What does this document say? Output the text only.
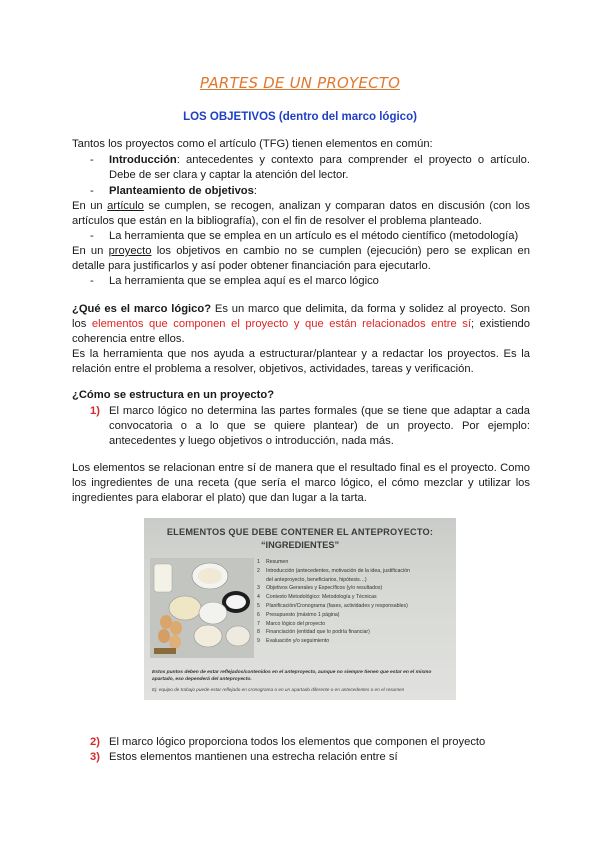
PARTES DE UN PROYECTO
LOS OBJETIVOS (dentro del marco lógico)
Tantos los proyectos como el artículo (TFG) tienen elementos en común:
- Introducción: antecedentes y contexto para comprender el proyecto o artículo. Debe de ser clara y captar la atención del lector.
- Planteamiento de objetivos:
En un artículo se cumplen, se recogen, analizan y comparan datos en discusión (con los artículos que están en la bibliografía), con el fin de resolver el problema planteado.
- La herramienta que se emplea en un artículo es el método científico (metodología)
En un proyecto los objetivos en cambio no se cumplen (ejecución) pero se explican en detalle para justificarlos y así poder obtener financiación para ejecutarlo.
- La herramienta que se emplea aquí es el marco lógico
¿Qué es el marco lógico? Es un marco que delimita, da forma y solidez al proyecto. Son los elementos que componen el proyecto y que están relacionados entre sí; existiendo coherencia entre ellos.
Es la herramienta que nos ayuda a estructurar/plantear y a redactar los proyectos. Es la relación entre el problema a resolver, objetivos, actividades, tareas y verificación.
¿Cómo se estructura en un proyecto?
1) El marco lógico no determina las partes formales (que se tiene que adaptar a cada convocatoria o a lo que se quiere plantear) de un proyecto. Por ejemplo: antecedentes y luego objetivos o introducción, nada más.
Los elementos se relacionan entre sí de manera que el resultado final es el proyecto. Como los ingredientes de una receta (que sería el marco lógico, el cómo mezclar y utilizar los ingredientes para elaborar el plato) que dan lugar a la tarta.
ELEMENTOS QUE DEBE CONTENER EL ANTEPROYECTO:
“INGREDIENTES”
1 Resumen
2 Introducción (antecedentes, motivación de la idea, justificación
del anteproyecto, beneficiarios, hipótesis…)
3 Objetivos Generales y Específicos (y/o resultados)
4 Contexto Metodológico: Metodología y Técnicas
5 Planificación/Cronograma (fases, actividades y responsables)
6 Presupuesto (máximo 1 página)
7 Marco lógico del proyecto
8 Financiación (entidad que lo podría financiar)
9 Evaluación y/o seguimiento
Estos puntos deben de estar reflejados/contenidos en el anteproyecto, aunque no siempre tienen que estar en el mismo apartado, eso dependerá del anteproyecto.
Ej: equipo de trabajo puede estar reflejado en cronograma o en un apartado diferente o en antecedentes o en el resumen
2) El marco lógico proporciona todos los elementos que componen el proyecto
3) Estos elementos mantienen una estrecha relación entre sí
